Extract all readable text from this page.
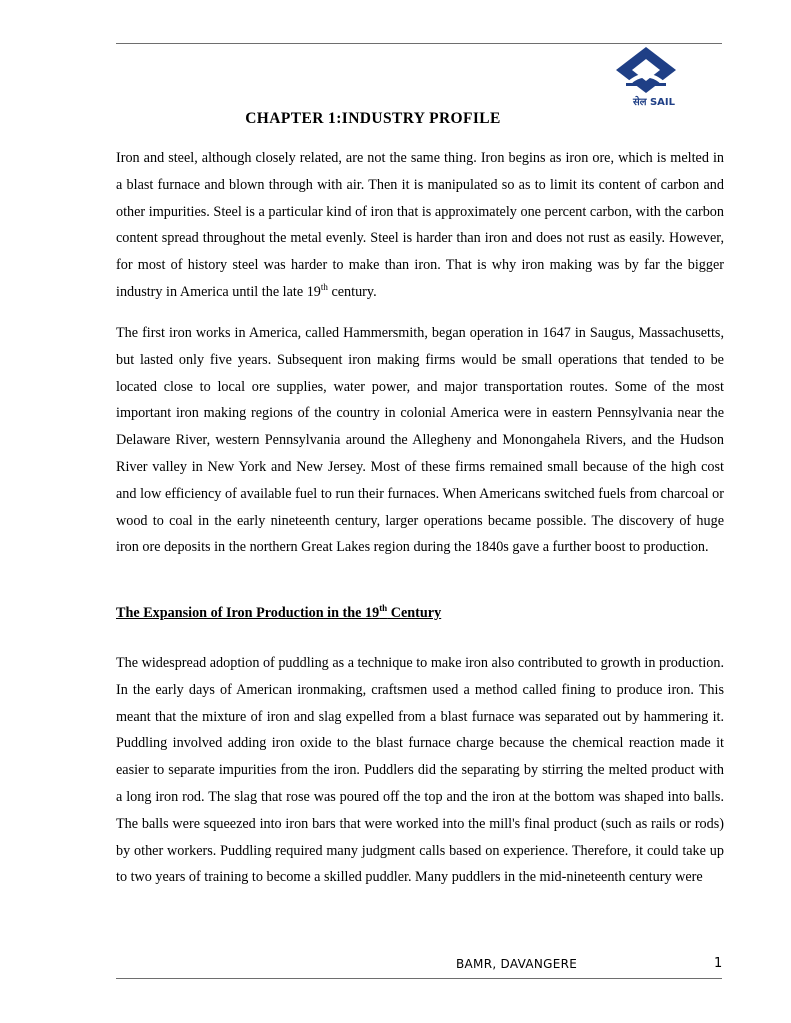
सेल SAIL
CHAPTER 1:INDUSTRY PROFILE

Iron and steel, although closely related, are not the same thing. Iron begins as iron ore, which is melted in a blast furnace and blown through with air. Then it is manipulated so as to limit its content of carbon and other impurities. Steel is a particular kind of iron that is approximately one percent carbon, with the carbon content spread throughout the metal evenly. Steel is harder than iron and does not rust as easily. However, for most of history steel was harder to make than iron. That is why iron making was by far the bigger industry in America until the late 19th century.

The first iron works in America, called Hammersmith, began operation in 1647 in Saugus, Massachusetts, but lasted only five years. Subsequent iron making firms would be small operations that tended to be located close to local ore supplies, water power, and major transportation routes. Some of the most important iron making regions of the country in colonial America were in eastern Pennsylvania near the Delaware River, western Pennsylvania around the Allegheny and Monongahela Rivers, and the Hudson River valley in New York and New Jersey. Most of these firms remained small because of the high cost and low efficiency of available fuel to run their furnaces. When Americans switched fuels from charcoal or wood to coal in the early nineteenth century, larger operations became possible. The discovery of huge iron ore deposits in the northern Great Lakes region during the 1840s gave a further boost to production.

The Expansion of Iron Production in the 19th Century

The widespread adoption of puddling as a technique to make iron also contributed to growth in production. In the early days of American ironmaking, craftsmen used a method called fining to produce iron. This meant that the mixture of iron and slag expelled from a blast furnace was separated out by hammering it. Puddling involved adding iron oxide to the blast furnace charge because the chemical reaction made it easier to separate impurities from the iron. Puddlers did the separating by stirring the melted product with a long iron rod. The slag that rose was poured off the top and the iron at the bottom was shaped into balls. The balls were squeezed into iron bars that were worked into the mill's final product (such as rails or rods) by other workers. Puddling required many judgment calls based on experience. Therefore, it could take up to two years of training to become a skilled puddler. Many puddlers in the mid-nineteenth century were

BAMR, DAVANGERE	1
